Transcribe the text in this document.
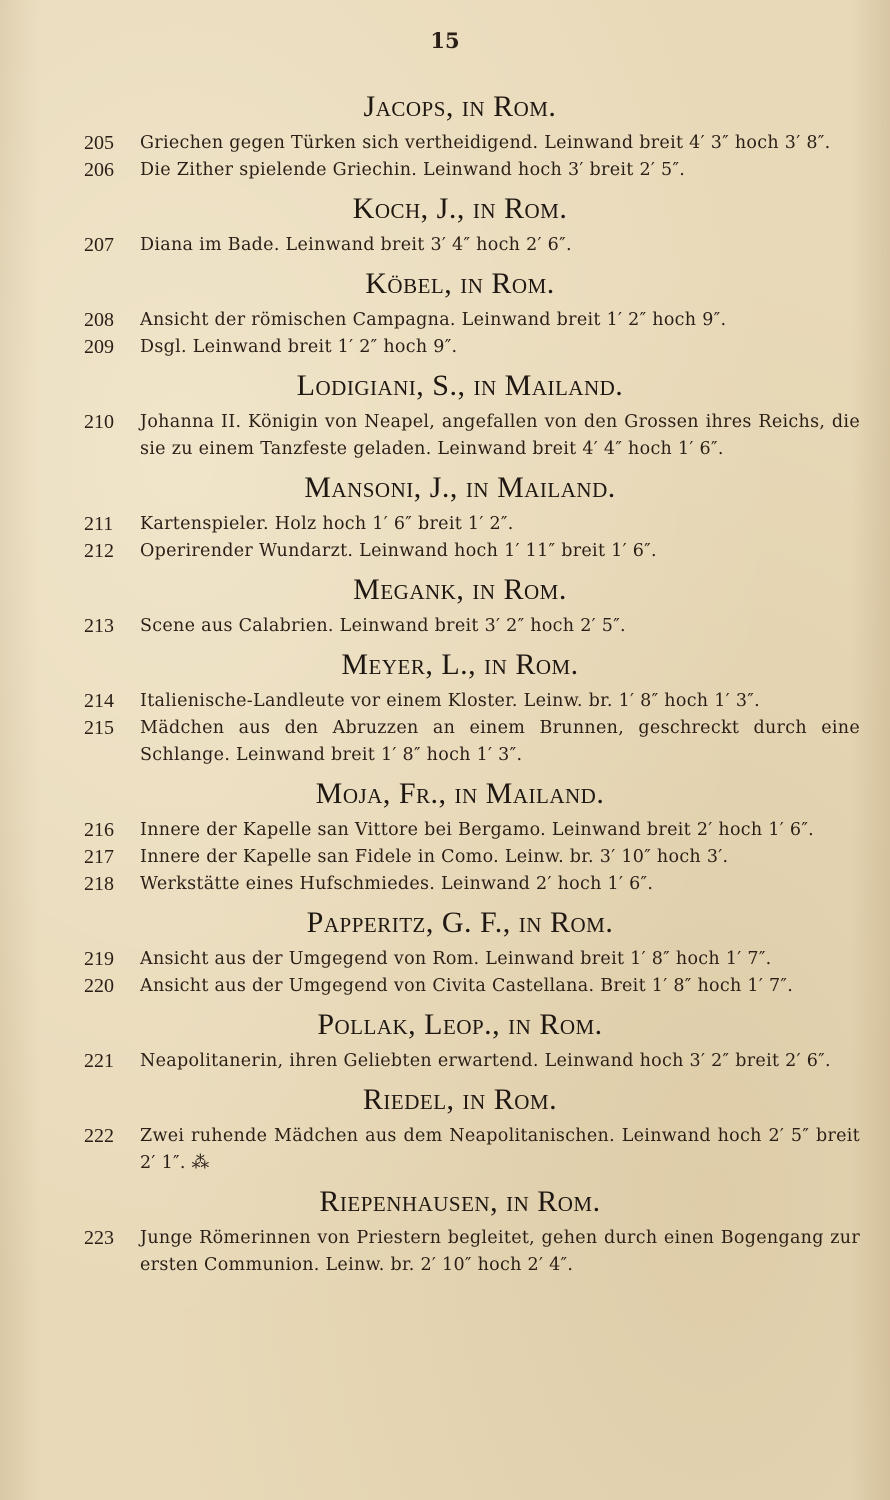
15
Jacops, in Rom.
205	Griechen gegen Türken sich vertheidigend. Leinwand breit 4′ 3″ hoch 3′ 8″.
206	Die Zither spielende Griechin. Leinwand hoch 3′ breit 2′ 5″.
Koch, J., in Rom.
207	Diana im Bade. Leinwand breit 3′ 4″ hoch 2′ 6″.
Köbel, in Rom.
208	Ansicht der römischen Campagna. Leinwand breit 1′ 2″ hoch 9″.
209	Dsgl. Leinwand breit 1′ 2″ hoch 9″.
Lodigiani, S., in Mailand.
210	Johanna II. Königin von Neapel, angefallen von den Grossen ihres Reichs, die sie zu einem Tanzfeste geladen. Leinwand breit 4′ 4″ hoch 1′ 6″.
Mansoni, J., in Mailand.
211	Kartenspieler. Holz hoch 1′ 6″ breit 1′ 2″.
212	Operirender Wundarzt. Leinwand hoch 1′ 11″ breit 1′ 6″.
Megank, in Rom.
213	Scene aus Calabrien. Leinwand breit 3′ 2″ hoch 2′ 5″.
Meyer, L., in Rom.
214	Italienische-Landleute vor einem Kloster. Leinw. br. 1′ 8″ hoch 1′ 3″.
215	Mädchen aus den Abruzzen an einem Brunnen, geschreckt durch eine Schlange. Leinwand breit 1′ 8″ hoch 1′ 3″.
Moja, Fr., in Mailand.
216	Innere der Kapelle san Vittore bei Bergamo. Leinwand breit 2′ hoch 1′ 6″.
217	Innere der Kapelle san Fidele in Como. Leinw. br. 3′ 10″ hoch 3′.
218	Werkstätte eines Hufschmiedes. Leinwand 2′ hoch 1′ 6″.
Papperitz, G. F., in Rom.
219	Ansicht aus der Umgegend von Rom. Leinwand breit 1′ 8″ hoch 1′ 7″.
220	Ansicht aus der Umgegend von Civita Castellana. Breit 1′ 8″ hoch 1′ 7″.
Pollak, Leop., in Rom.
221	Neapolitanerin, ihren Geliebten erwartend. Leinwand hoch 3′ 2″ breit 2′ 6″.
Riedel, in Rom.
222	Zwei ruhende Mädchen aus dem Neapolitanischen. Leinwand hoch 2′ 5″ breit 2′ 1″. ⁂
Riepenhausen, in Rom.
223	Junge Römerinnen von Priestern begleitet, gehen durch einen Bogengang zur ersten Communion. Leinw. br. 2′ 10″ hoch 2′ 4″.
